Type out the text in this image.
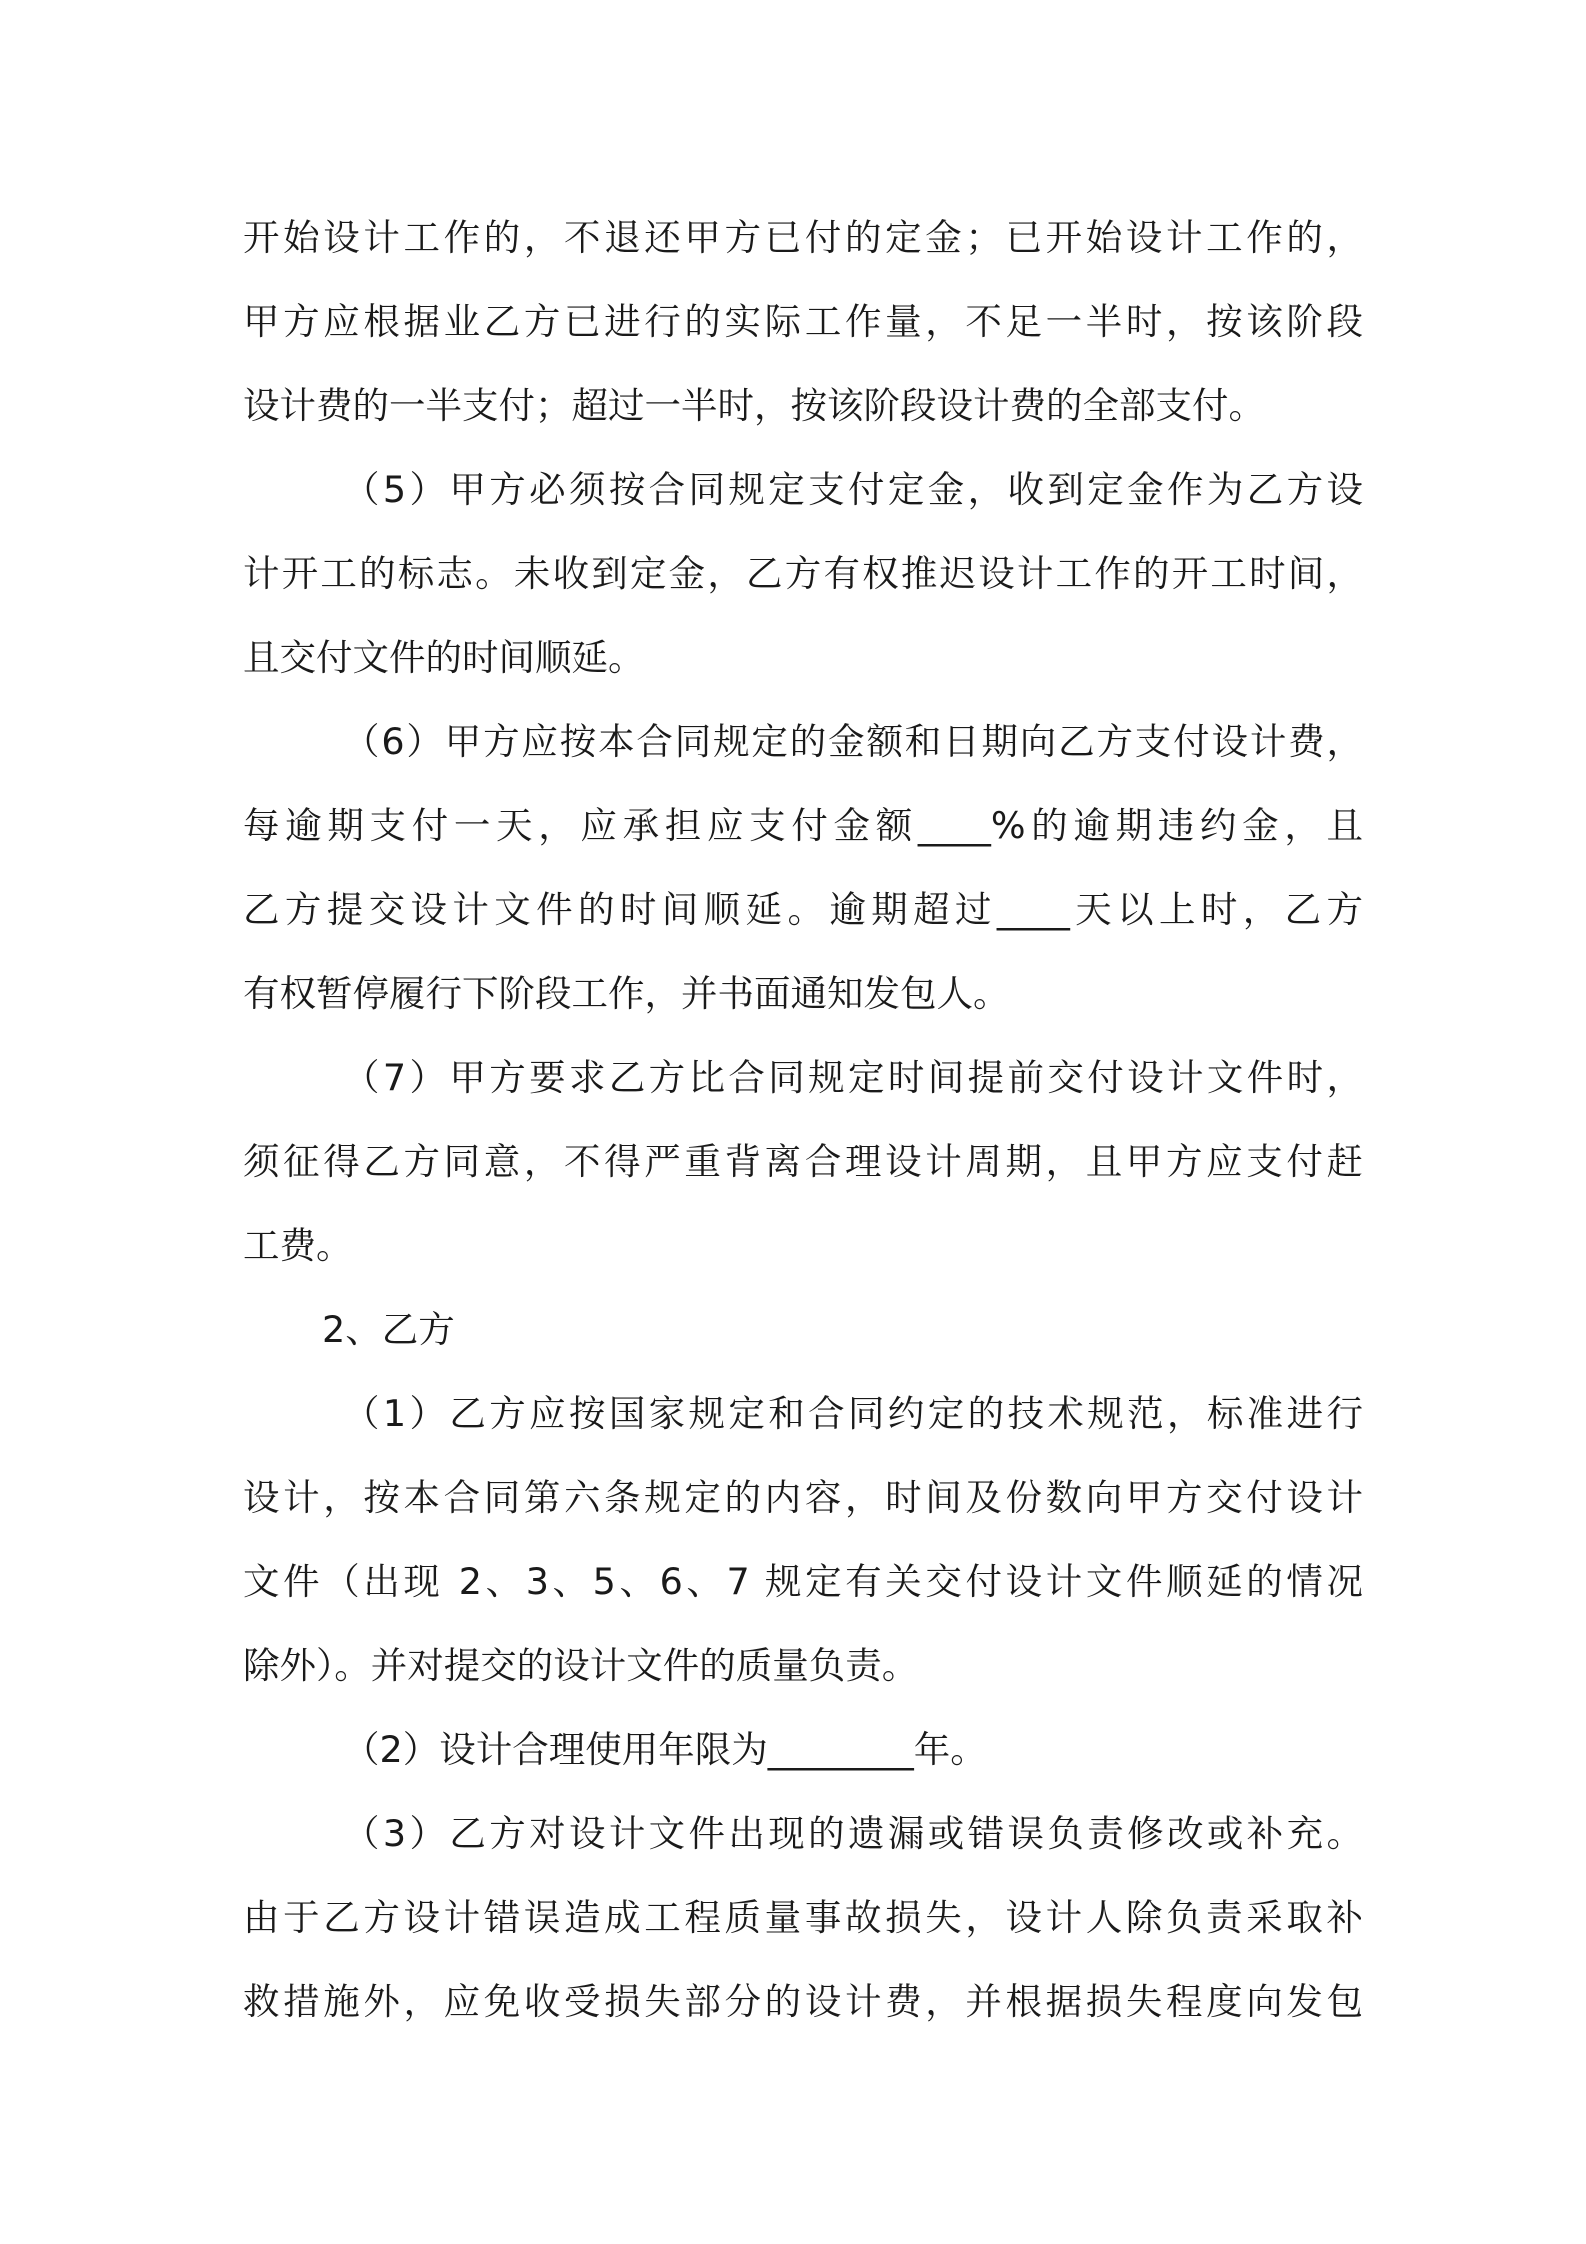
开始设计工作的，不退还甲方已付的定金；已开始设计工作的，
甲方应根据业乙方已进行的实际工作量，不足一半时，按该阶段
设计费的一半支付；超过一半时，按该阶段设计费的全部支付。
（5）甲方必须按合同规定支付定金，收到定金作为乙方设
计开工的标志。未收到定金，乙方有权推迟设计工作的开工时间，
且交付文件的时间顺延。
（6）甲方应按本合同规定的金额和日期向乙方支付设计费，
每逾期支付一天，应承担应支付金额____%的逾期违约金，且
乙方提交设计文件的时间顺延。逾期超过____天以上时，乙方
有权暂停履行下阶段工作，并书面通知发包人。
（7）甲方要求乙方比合同规定时间提前交付设计文件时，
须征得乙方同意，不得严重背离合理设计周期，且甲方应支付赶
工费。
2、乙方
（1）乙方应按国家规定和合同约定的技术规范，标准进行
设计，按本合同第六条规定的内容，时间及份数向甲方交付设计
文件（出现 2、3、5、6、7 规定有关交付设计文件顺延的情况
除外）。并对提交的设计文件的质量负责。
（2）设计合理使用年限为________年。
（3）乙方对设计文件出现的遗漏或错误负责修改或补充。
由于乙方设计错误造成工程质量事故损失，设计人除负责采取补
救措施外，应免收受损失部分的设计费，并根据损失程度向发包
